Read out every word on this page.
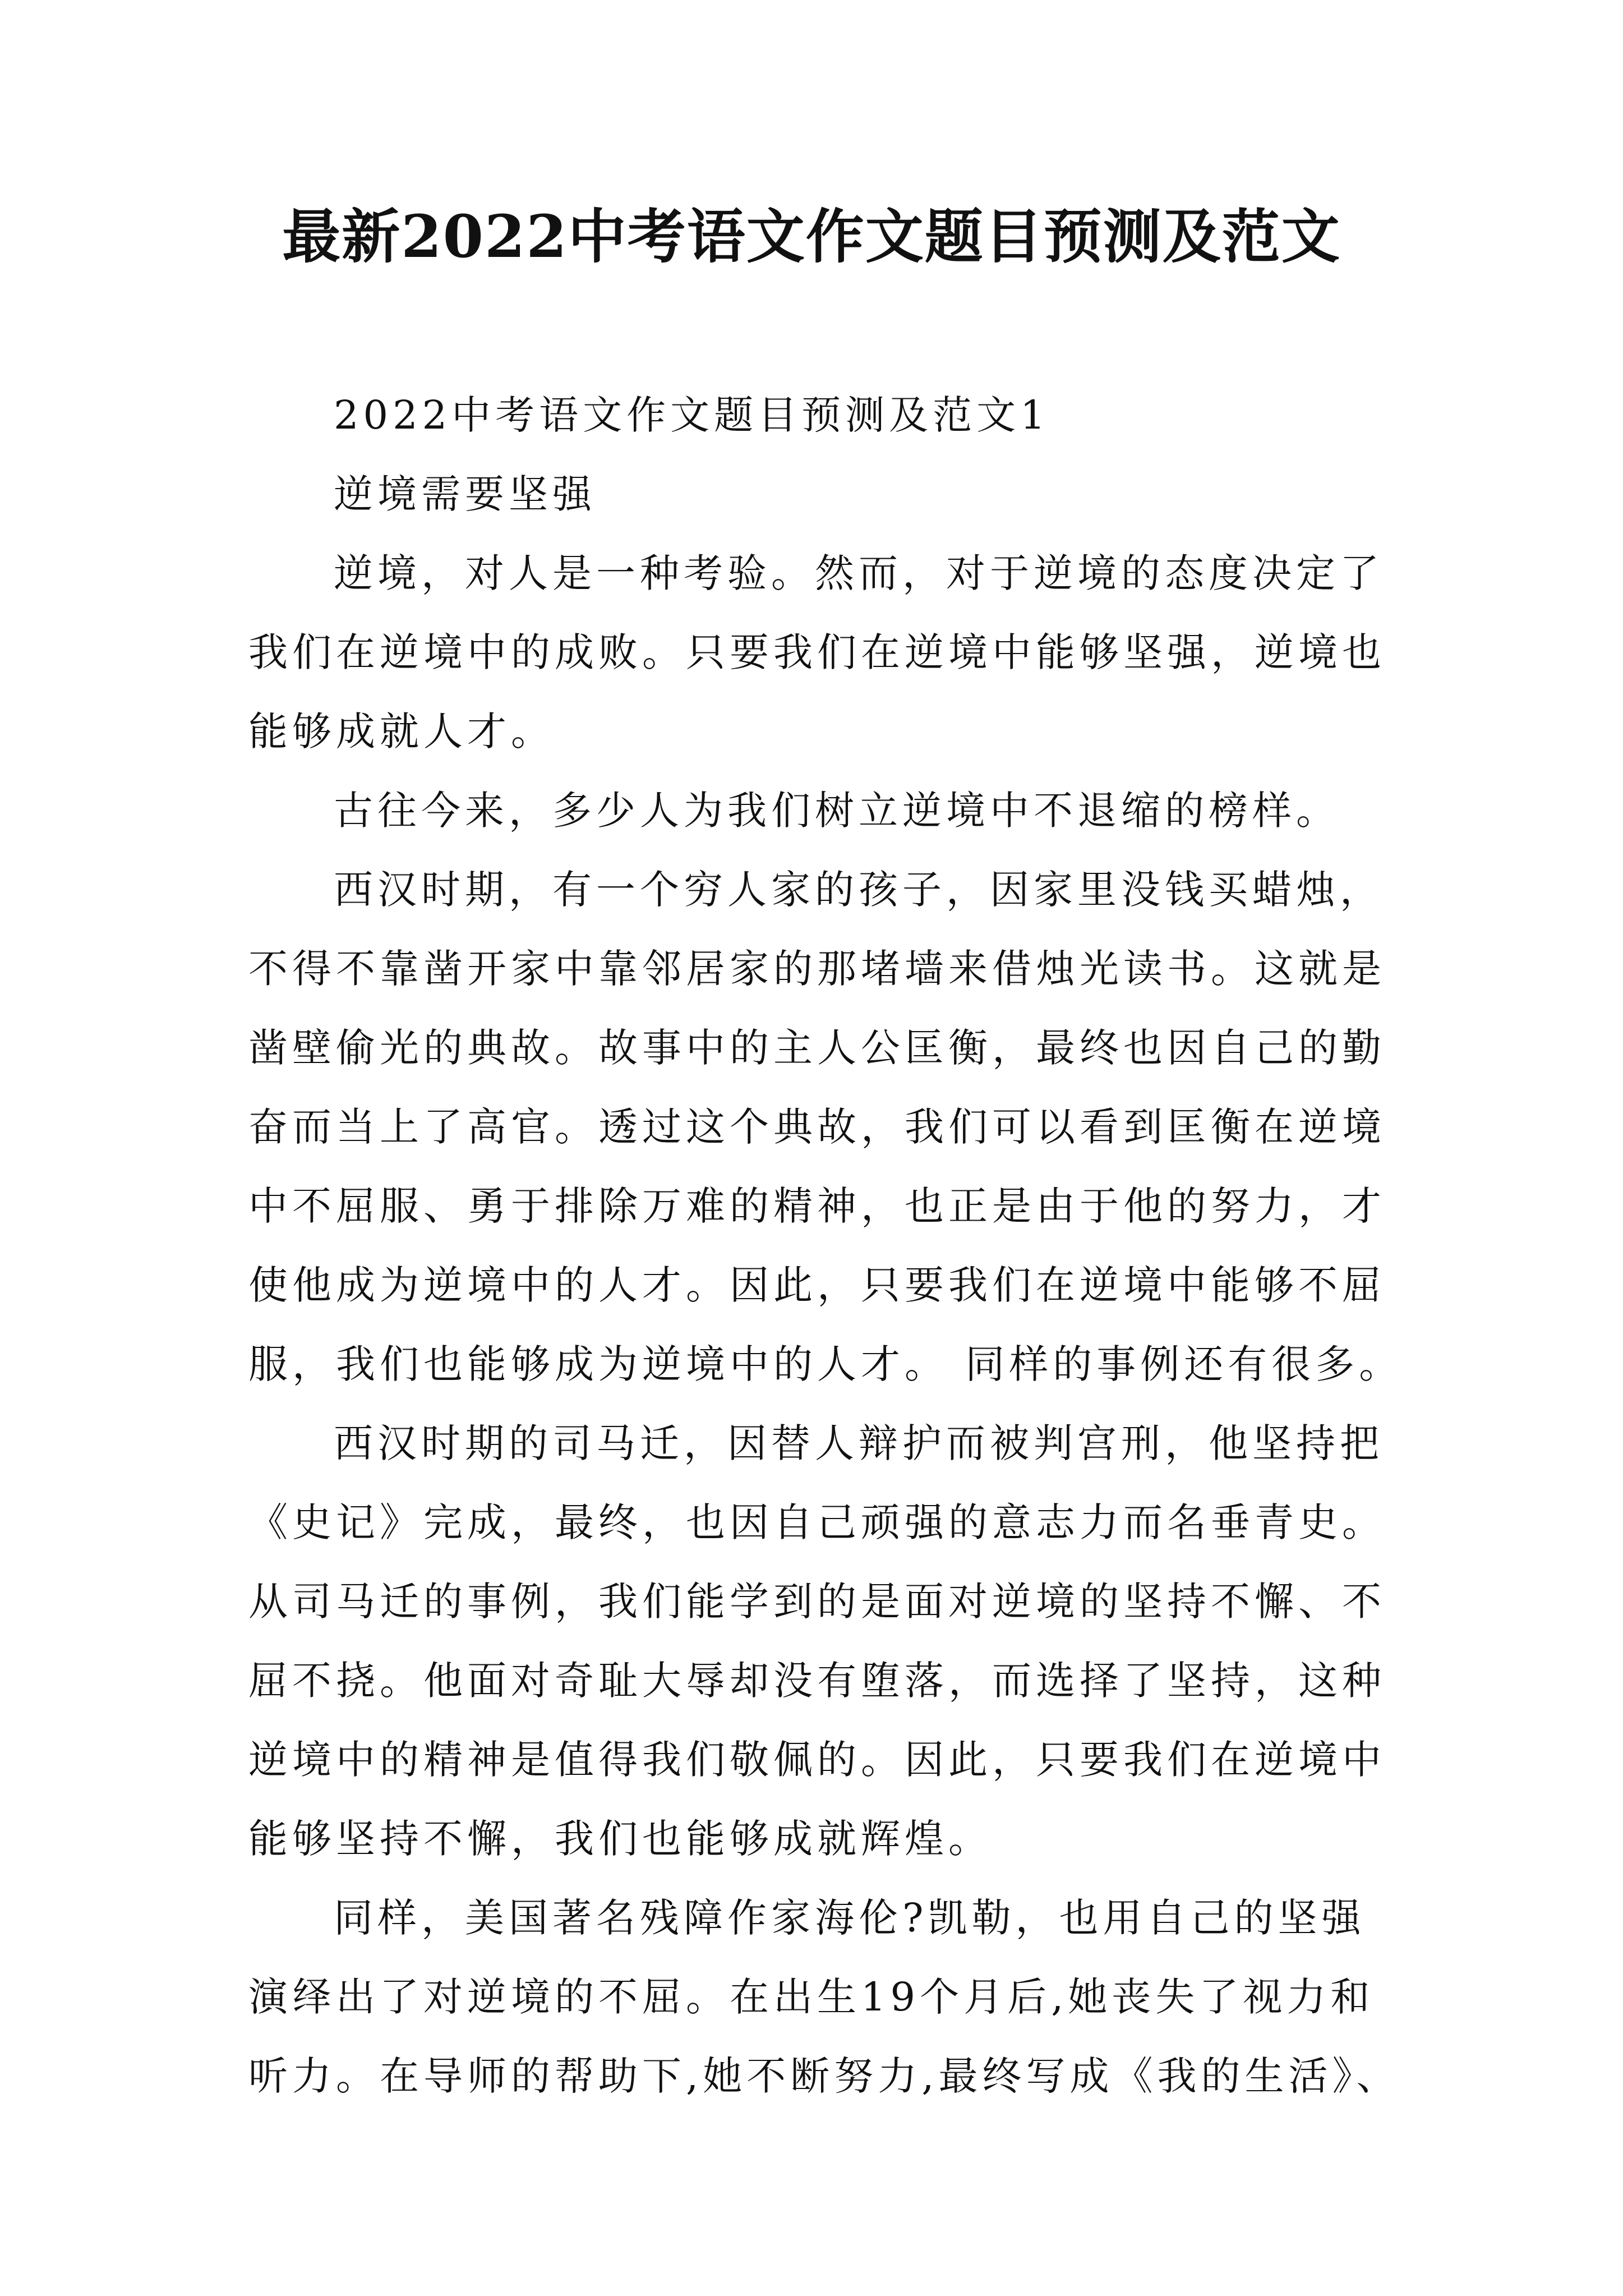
最新2022中考语文作文题目预测及范文

2022中考语文作文题目预测及范文1

逆境需要坚强

逆境，对人是一种考验。然而，对于逆境的态度决定了

我们在逆境中的成败。只要我们在逆境中能够坚强，逆境也

能够成就人才。

古往今来，多少人为我们树立逆境中不退缩的榜样。

西汉时期，有一个穷人家的孩子，因家里没钱买蜡烛，

不得不靠凿开家中靠邻居家的那堵墙来借烛光读书。这就是

凿壁偷光的典故。故事中的主人公匡衡，最终也因自己的勤

奋而当上了高官。透过这个典故，我们可以看到匡衡在逆境

中不屈服、勇于排除万难的精神，也正是由于他的努力，才

使他成为逆境中的人才。因此，只要我们在逆境中能够不屈

服，我们也能够成为逆境中的人才。 同样的事例还有很多。

西汉时期的司马迁，因替人辩护而被判宫刑，他坚持把

《史记》完成，最终，也因自己顽强的意志力而名垂青史。

从司马迁的事例，我们能学到的是面对逆境的坚持不懈、不

屈不挠。他面对奇耻大辱却没有堕落，而选择了坚持，这种

逆境中的精神是值得我们敬佩的。因此，只要我们在逆境中

能够坚持不懈，我们也能够成就辉煌。

同样，美国著名残障作家海伦?凯勒，也用自己的坚强

演绎出了对逆境的不屈。在出生19个月后,她丧失了视力和

听力。在导师的帮助下,她不断努力,最终写成《我的生活》、
